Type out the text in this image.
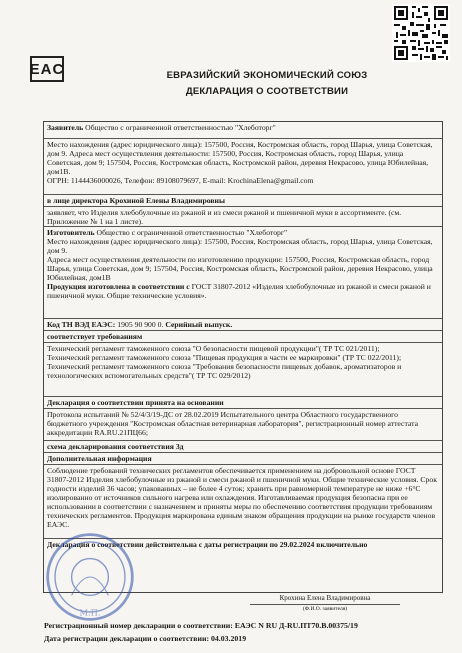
EAC	ЕВРАЗИЙСКИЙ ЭКОНОМИЧЕСКИЙ СОЮЗ
ДЕКЛАРАЦИЯ О СООТВЕТСТВИИ
Заявитель Общество с ограниченной ответственностью "Хлеботорг"
Место нахождения (адрес юридического лица): 157500, Россия, Костромская область, город Шарья, улица Советская, дом 9. Адреса мест осуществления деятельности: 157500, Россия, Костромская область, город Шарья, улица Советская, дом 9; 157504, Россия, Костромская область, Костромской район, деревня Некрасово, улица Юбилейная, дом1В.
ОГРН: 1144436000026, Телефон: 89108079697, E-mail: KrochinaElena@gmail.com
в лице директора Крохиной Елены Владимировны
заявляет, что Изделия хлебобулочные из ржаной и из смеси ржаной и пшеничной муки в ассортименте. (см. Приложение № 1 на 1 листе).
Изготовитель Общество с ограниченной ответственностью "Хлеботорг"
Место нахождения (адрес юридического лица): 157500, Россия, Костромская область, город Шарья, улица Советская, дом 9.
Адреса мест осуществления деятельности по изготовлению продукции: 157500, Россия, Костромская область, город Шарья, улица Советская, дом 9; 157504, Россия, Костромская область, Костромской район, деревня Некрасово, улица Юбилейная, дом1В
Продукция изготовлена в соответствии с ГОСТ 31807-2012 «Изделия хлебобулочные из ржаной и смеси ржаной и пшеничной муки. Общие технические условия».
Код ТН ВЭД ЕАЭС: 1905 90 900 0. Серийный выпуск.
соответствует требованиям
Технический регламент таможенного союза "О безопасности пищевой продукции"( ТР ТС 021/2011);
Технический регламент таможенного союза "Пищевая продукция в части ее маркировки" (ТР ТС 022/2011); Технический регламент таможенного союза "Требования безопасности пищевых добавок, ароматизаторов и технологических вспомогательных средств"( ТР ТС 029/2012)
Декларация о соответствии принята на основании
Протокола испытаний № 52/4/3/19-ДС от 28.02.2019 Испытательного центра Областного государственного бюджетного учреждения "Костромская областная ветеринарная лаборатория", регистрационный номер аттестата аккредитации RA.RU.21ПЦ66;
схема декларирования соответствия 3д
Дополнительная информация
Соблюдение требований технических регламентов обеспечивается применением на добровольной основе ГОСТ 31807-2012 Изделия хлебобулочные из ржаной и смеси ржаной и пшеничной муки. Общие технические условия. Срок годности изделий 36 часов; упакованных – не более 4 суток; хранить при равномерной температуре не ниже +6°С изолированно от источников сильного нагрева или охлаждения. Изготавливаемая продукция безопасна при ее использовании в соответствии с назначением и приняты меры по обеспечению соответствия продукции требованиям технических регламентов. Продукция маркирована единым знаком обращения продукции на рынке государств членов ЕАЭС.
Декларация о соответствии действительна с даты регистрации по 29.02.2024 включительно
М.П.
Крохина Елена Владимировна
(Ф.И.О. заявителя)
Регистрационный номер декларации о соответствии: ЕАЭС N RU Д-RU.ПТ70.В.00375/19
Дата регистрации декларации о соответствии: 04.03.2019
